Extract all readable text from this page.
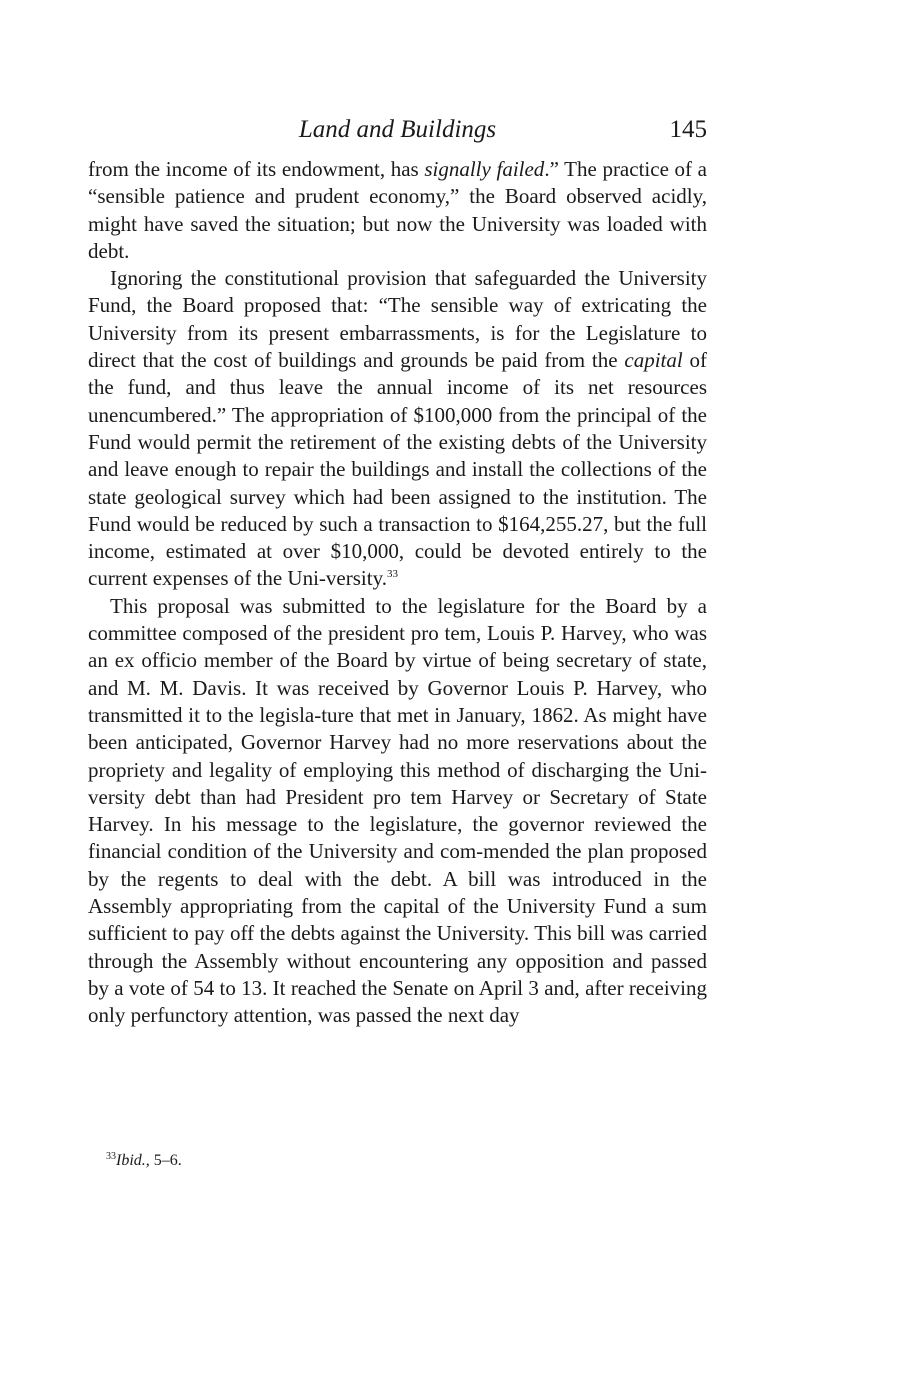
Land and Buildings	145

from the income of its endowment, has signally failed.” The practice of a “sensible patience and prudent economy,” the Board observed acidly, might have saved the situation; but now the University was loaded with debt.

Ignoring the constitutional provision that safeguarded the University Fund, the Board proposed that: “The sensible way of extricating the University from its present embarrassments, is for the Legislature to direct that the cost of buildings and grounds be paid from the capital of the fund, and thus leave the annual income of its net resources unencumbered.” The appropriation of $100,000 from the principal of the Fund would permit the retirement of the existing debts of the University and leave enough to repair the buildings and install the collections of the state geological survey which had been assigned to the institution. The Fund would be reduced by such a transaction to $164,255.27, but the full income, estimated at over $10,000, could be devoted entirely to the current expenses of the Uni-versity.$^{33}$

This proposal was submitted to the legislature for the Board by a committee composed of the president pro tem, Louis P. Harvey, who was an ex officio member of the Board by virtue of being secretary of state, and M. M. Davis. It was received by Governor Louis P. Harvey, who transmitted it to the legisla-ture that met in January, 1862. As might have been anticipated, Governor Harvey had no more reservations about the propriety and legality of employing this method of discharging the Uni-versity debt than had President pro tem Harvey or Secretary of State Harvey. In his message to the legislature, the governor reviewed the financial condition of the University and com-mended the plan proposed by the regents to deal with the debt. A bill was introduced in the Assembly appropriating from the capital of the University Fund a sum sufficient to pay off the debts against the University. This bill was carried through the Assembly without encountering any opposition and passed by a vote of 54 to 13. It reached the Senate on April 3 and, after receiving only perfunctory attention, was passed the next day

$^{33}$Ibid., 5–6.
